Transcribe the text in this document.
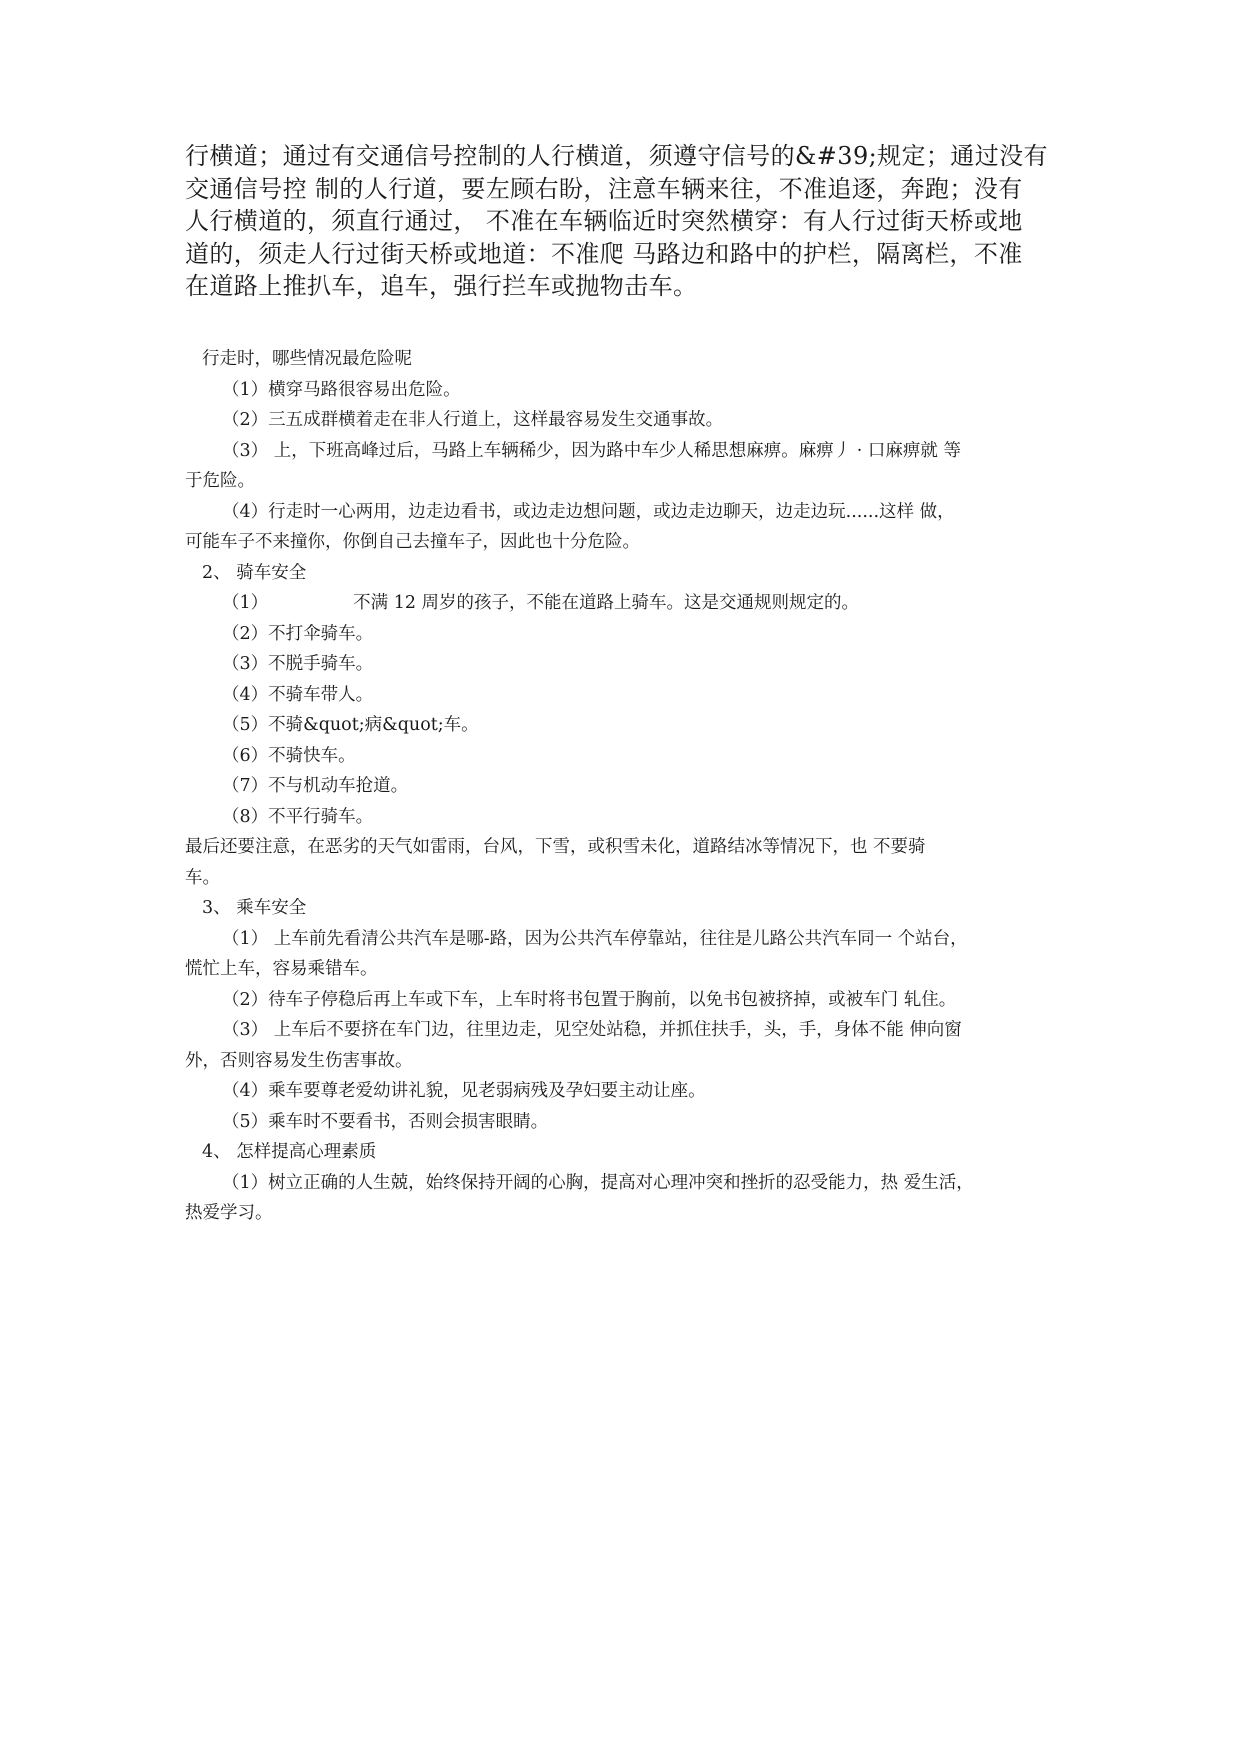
行横道；通过有交通信号控制的人行横道，须遵守信号的&#39;规定；通过没有
交通信号控 制的人行道，要左顾右盼，注意车辆来往，不准追逐，奔跑；没有
人行横道的，须直行通过， 不准在车辆临近时突然横穿：有人行过街天桥或地
道的，须走人行过街天桥或地道：不准爬 马路边和路中的护栏，隔离栏，不准
在道路上推扒车，追车，强行拦车或抛物击车。
行走时，哪些情况最危险呢
（1）横穿马路很容易出危险。
（2）三五成群横着走在非人行道上，这样最容易发生交通事故。
（3） 上，下班高峰过后，马路上车辆稀少，因为路中车少人稀思想麻痹。麻痹丿 · 口麻痹就 等
于危险。
（4）行走时一心两用，边走边看书，或边走边想问题，或边走边聊天，边走边玩......这样 做，
可能车子不来撞你，你倒自己去撞车子，因此也十分危险。
2、 骑车安全
（1）	不满 12 周岁的孩子，不能在道路上骑车。这是交通规则规定的。
（2）不打伞骑车。
（3）不脱手骑车。
（4）不骑车带人。
（5）不骑&quot;病&quot;车。
（6）不骑快车。
（7）不与机动车抢道。
（8）不平行骑车。
最后还要注意，在恶劣的天气如雷雨，台风，下雪，或积雪未化，道路结冰等情况下，也 不要骑
车。
3、 乘车安全
（1） 上车前先看清公共汽车是哪-路，因为公共汽车停靠站，往往是儿路公共汽车同一 个站台，
慌忙上车，容易乘错车。
（2）待车子停稳后再上车或下车，上车时将书包置于胸前，以免书包被挤掉，或被车门 轧住。
（3） 上车后不要挤在车门边，往里边走，见空处站稳，并抓住扶手，头，手，身体不能 伸向窗
外，否则容易发生伤害事故。
（4）乘车要尊老爱幼讲礼貌，见老弱病残及孕妇要主动让座。
（5）乘车时不要看书，否则会损害眼睛。
4、 怎样提高心理素质
（1）树立正确的人生兢，始终保持开阔的心胸，提高对心理冲突和挫折的忍受能力，热 爱生活，
热爱学习。
